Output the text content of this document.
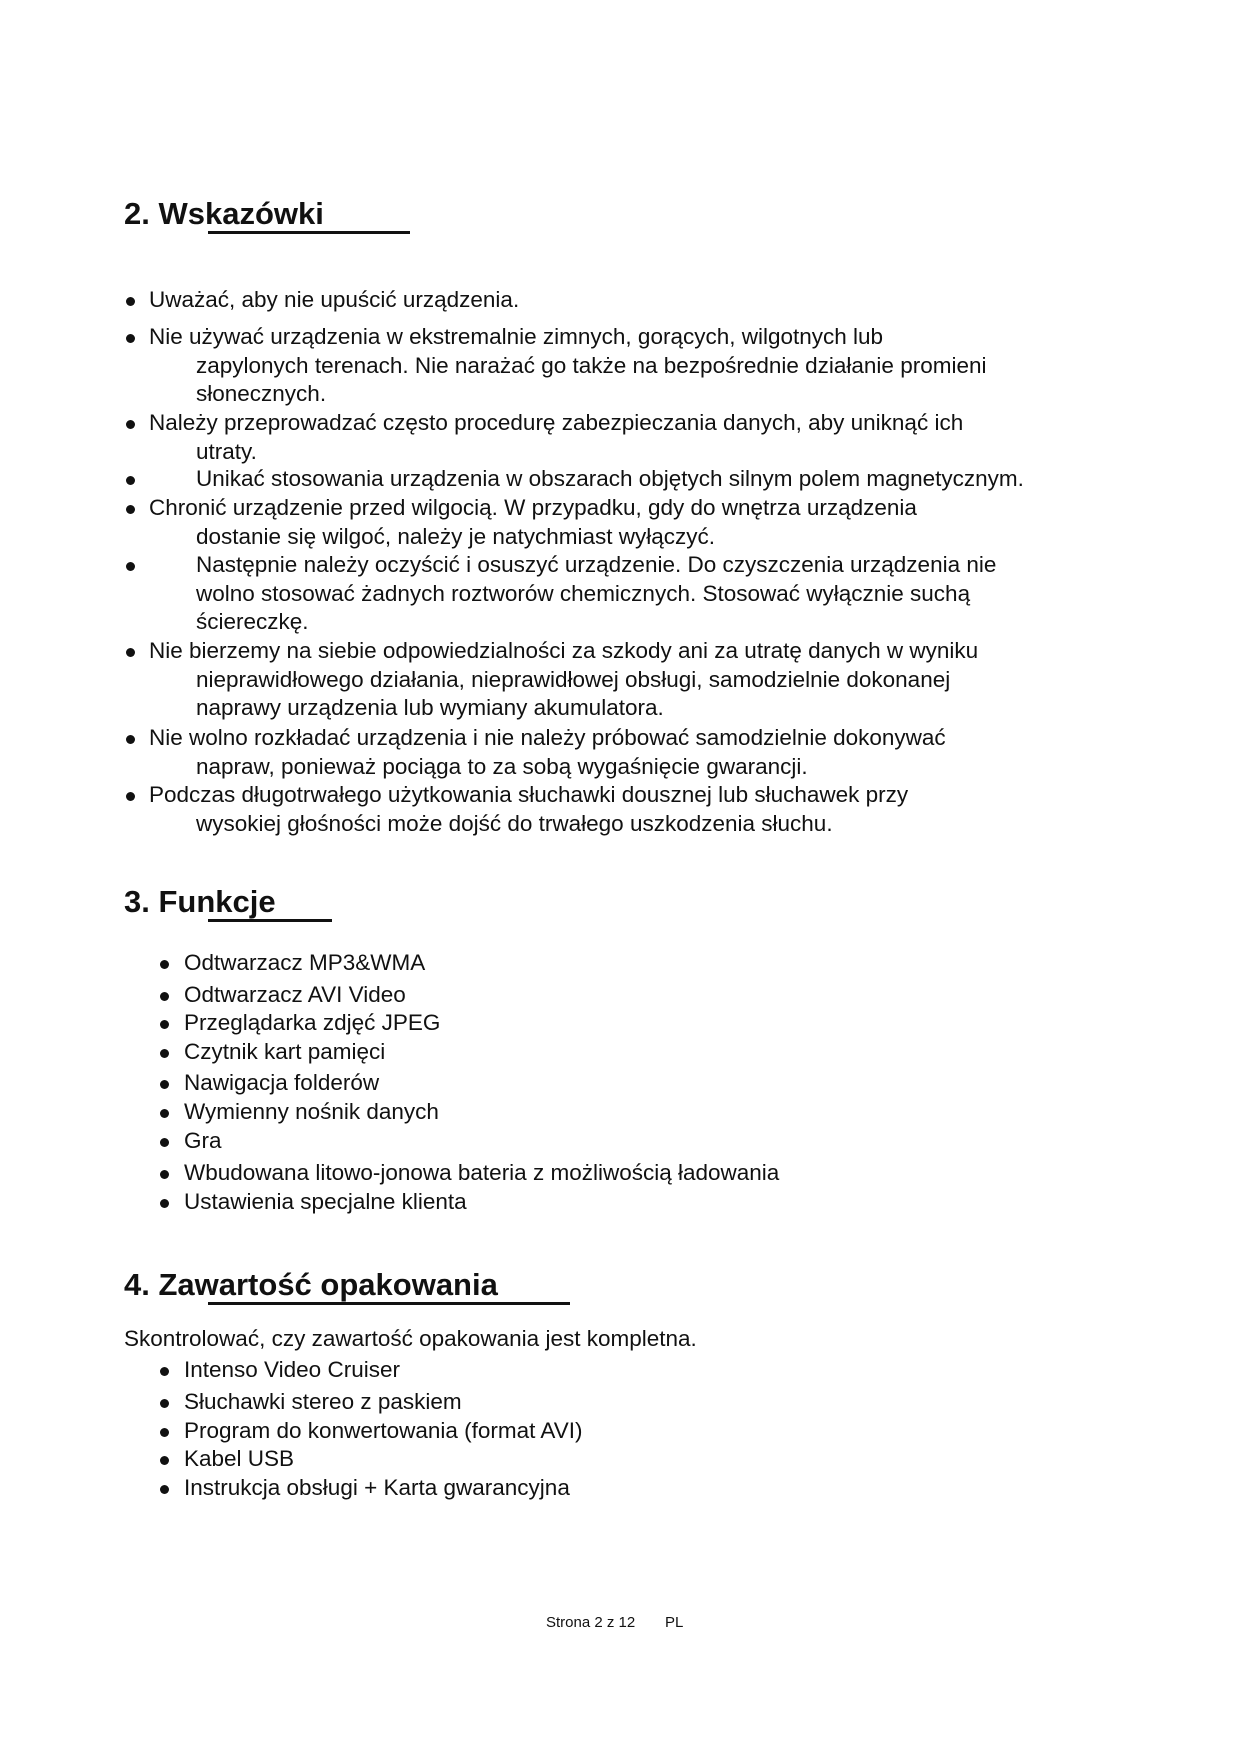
2. Wskazówki
Uważać, aby nie upuścić urządzenia.
Nie używać urządzenia w ekstremalnie zimnych, gorących, wilgotnych lub
zapylonych terenach. Nie narażać go także na bezpośrednie działanie promieni
słonecznych.
Należy przeprowadzać często procedurę zabezpieczania danych, aby uniknąć ich
utraty.
Unikać stosowania urządzenia w obszarach objętych silnym polem magnetycznym.
Chronić urządzenie przed wilgocią. W przypadku, gdy do wnętrza urządzenia
dostanie się wilgoć, należy je natychmiast wyłączyć.
Następnie należy oczyścić i osuszyć urządzenie. Do czyszczenia urządzenia nie
wolno stosować żadnych roztworów chemicznych. Stosować wyłącznie suchą
ściereczkę.
Nie bierzemy na siebie odpowiedzialności za szkody ani za utratę danych w wyniku
nieprawidłowego działania, nieprawidłowej obsługi, samodzielnie dokonanej
naprawy urządzenia lub wymiany akumulatora.
Nie wolno rozkładać urządzenia i nie należy próbować samodzielnie dokonywać
napraw, ponieważ pociąga to za sobą wygaśnięcie gwarancji.
Podczas długotrwałego użytkowania słuchawki dousznej lub słuchawek przy
wysokiej głośności może dojść do trwałego uszkodzenia słuchu.
3. Funkcje
Odtwarzacz MP3&WMA
Odtwarzacz AVI Video
Przeglądarka zdjęć JPEG
Czytnik kart pamięci
Nawigacja folderów
Wymienny nośnik danych
Gra
Wbudowana litowo-jonowa bateria z możliwością ładowania
Ustawienia specjalne klienta
4. Zawartość opakowania
Skontrolować, czy zawartość opakowania jest kompletna.
Intenso Video Cruiser
Słuchawki stereo z paskiem
Program do konwertowania (format AVI)
Kabel USB
Instrukcja obsługi + Karta gwarancyjna
Strona 2 z 12 PL
